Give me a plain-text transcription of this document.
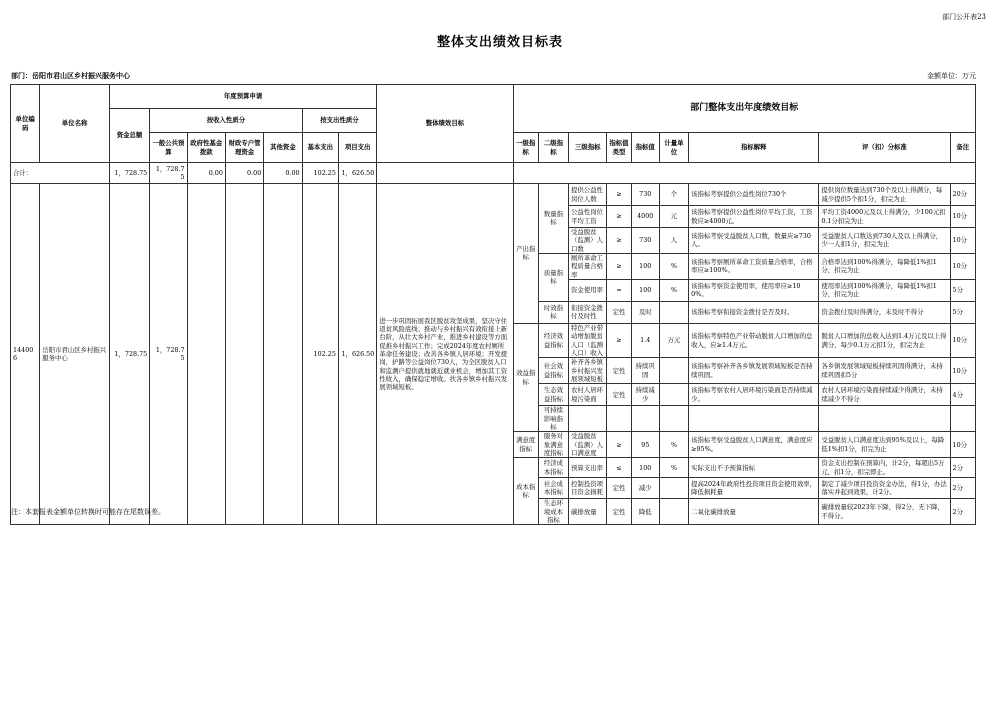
部门公开表23
整体支出绩效目标表
部门：岳阳市君山区乡村振兴服务中心	金额单位：万元
单位编码	单位名称	年度预算申请							整体绩效目标	部门整体支出年度绩效目标								
		资金总额	按收入性质分				按支出性质分											
			一般公共预算	政府性基金拨款	财政专户管理资金	其他资金	基本支出	项目支出		一级指标	二级指标	三级指标	指标值类型	指标值	计量单位	指标解释	评（扣）分标准	备注
合计：		1，728.75	1，728.75	0.00	0.00	0.00	102.25	1，626.50										
144006	岳阳市君山区乡村振兴服务中心	1，728.75	1，728.75				102.25	1，626.50	进一步巩固拓展我区脱贫攻坚成果，坚决守住返贫风险底线；推动与乡村振兴有效衔接上新台阶，从壮大乡村产业、推进乡村建设等方面促推乡村振兴工作；完成2024年度农村厕所革命任务建设；改善各乡镇人居环境；开发援岗，护路等公益岗位730人，为全区脱贫人口和监测户提供就地就近就业机会，增加其工资性收入，确保稳定增收。扶各乡镇乡村振兴发展领域短板。	产出指标	数量指标	提供公益性岗位人数	≥	730	个	该指标考察提供公益性岗位730个	提供岗位数量达到730个及以上得满分，每减少提供5个扣1分，扣完为止	20分
												公益性岗位平均工资	≥	4000	元	该指标考察提供公益性岗位平均工资，工资数应≥4000元。	平均工资4000元及以上得满分，少100元扣0.1分扣完为止	10分
												受益脱贫（监测）人口数	≥	730	人	该指标考察受益脱贫人口数，数量应≥730人。	受益脱贫人口数达到730人及以上得满分，少一人扣1分，扣完为止	10分
											质量指标	厕所革命工程质量合格率	≥	100	%	该指标考察厕所革命工资质量合格率，合格率应≥100%。	合格率达到100%得满分，每降低1%扣1分，扣完为止	10分
												资金使用率	=	100	%	该指标考察资金使用率，使用率应≥100%。	使用率达到100%得满分，每降低1%扣1分，扣完为止	5分
											时效指标	衔接资金拨付及时性	定性	及时		该指标考察衔接资金拨付是否及时。	资金拨付及时得满分，未及时不得分	5分
										效益指标	经济效益指标	特色产业带动增加脱贫人口（监测人口）收入	≥	1.4	万元	该指标考察特色产业带动脱贫人口增加的总收入，应≥1.4万元。	脱贫人口增加的总收入达到1.4万元及以上得满分，每少0.1万元扣1分，扣完为止	10分
											社会效益指标	补齐各乡镇乡村振兴发展领域短板	定性	持续巩固		该指标考察补齐各乡镇发展领域短板是否持续巩固。	各乡镇发展领域短板持续巩固得满分，未持续巩固扣5分	10分
											生态效益指标	农村人居环境污染面	定性	持续减少		该指标考察农村人居环境污染面是否持续减少。	农村人居环境污染面持续减少得满分，未持续减少不得分	4分
											可持续影响指标							
										满意度指标	服务对象满意度指标	受益脱贫（监测）人口满意度	≥	95	%	该指标考察受益脱贫人口满意度，满意度应≥95%。	受益脱贫人口满意度达到95%及以上，每降低1%扣1分，扣完为止	10分
										成本指标	经济成本指标	预算支出率	≤	100	%	实际支出不予预算指标	资金支出控制在预算内，计2分，每超出5万元，扣1分，扣完即止。	2分
											社会成本指标	控制投资项目资金损耗	定性	减少		提高2024年政府性投资项目资金使用效率，降低损耗量	制定了减少项目投资资金办法，得1分，办法落实并起到效果，计2分。	2分
											生态环境成本指标	碳排放量	定性	降低		二氧化碳排放量	碳排放量较2023年下降，得2分，无下降，不得分。	2分
注：本套报表金额单位转换时可能存在尾数误差。
